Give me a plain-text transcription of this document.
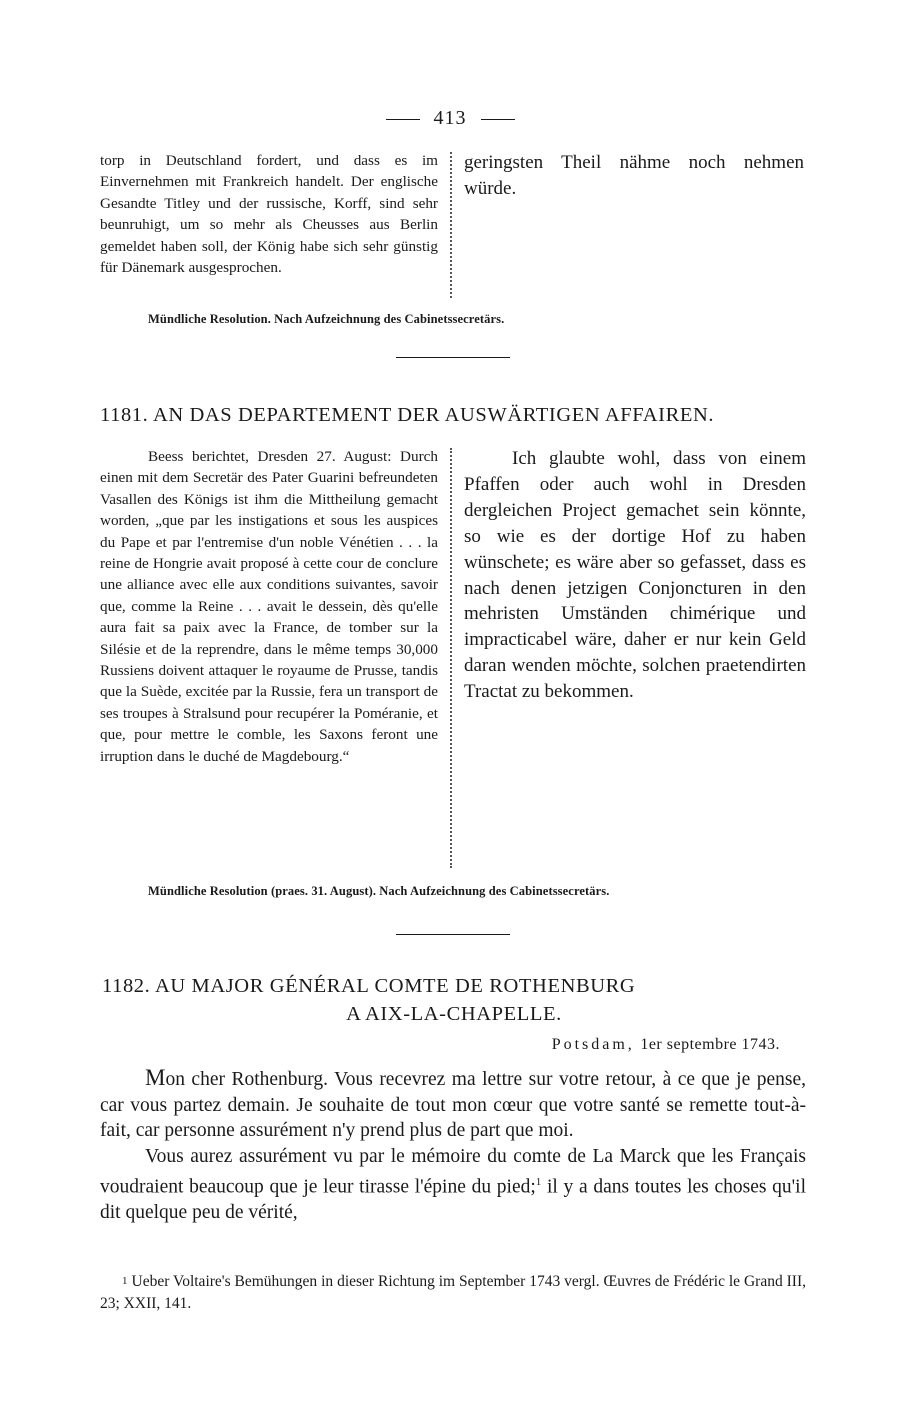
413
torp in Deutschland fordert, und dass es im Einvernehmen mit Frankreich handelt. Der englische Gesandte Titley und der russische, Korff, sind sehr beunruhigt, um so mehr als Cheusses aus Berlin gemeldet haben soll, der König habe sich sehr günstig für Dänemark ausgesprochen.
geringsten Theil nähme noch nehmen würde.
Mündliche Resolution. Nach Aufzeichnung des Cabinetssecretärs.
1181. AN DAS DEPARTEMENT DER AUSWÄRTIGEN AFFAIREN.
Beess berichtet, Dresden 27. August: Durch einen mit dem Secretär des Pater Guarini befreundeten Vasallen des Königs ist ihm die Mittheilung gemacht worden, „que par les instigations et sous les auspices du Pape et par l'entremise d'un noble Vénétien . . . la reine de Hongrie avait proposé à cette cour de conclure une alliance avec elle aux conditions suivantes, savoir que, comme la Reine . . . avait le dessein, dès qu'elle aura fait sa paix avec la France, de tomber sur la Silésie et de la reprendre, dans le même temps 30,000 Russiens doivent attaquer le royaume de Prusse, tandis que la Suède, excitée par la Russie, fera un transport de ses troupes à Stralsund pour recupérer la Poméranie, et que, pour mettre le comble, les Saxons feront une irruption dans le duché de Magdebourg.“
Ich glaubte wohl, dass von einem Pfaffen oder auch wohl in Dresden dergleichen Project gemachet sein könnte, so wie es der dortige Hof zu haben wünschete; es wäre aber so gefasset, dass es nach denen jetzigen Conjoncturen in den mehristen Umständen chimérique und impracticabel wäre, daher er nur kein Geld daran wenden möchte, solchen praetendirten Tractat zu bekommen.
Mündliche Resolution (praes. 31. August). Nach Aufzeichnung des Cabinetssecretärs.
1182. AU MAJOR GÉNÉRAL COMTE DE ROTHENBURG
A AIX-LA-CHAPELLE.
Potsdam, 1er septembre 1743.

Mon cher Rothenburg. Vous recevrez ma lettre sur votre retour, à ce que je pense, car vous partez demain. Je souhaite de tout mon cœur que votre santé se remette tout-à-fait, car personne assurément n'y prend plus de part que moi.

Vous aurez assurément vu par le mémoire du comte de La Marck que les Français voudraient beaucoup que je leur tirasse l'épine du pied;$^1$ il y a dans toutes les choses qu'il dit quelque peu de vérité,

1 Ueber Voltaire's Bemühungen in dieser Richtung im September 1743 vergl. Œuvres de Frédéric le Grand III, 23; XXII, 141.
